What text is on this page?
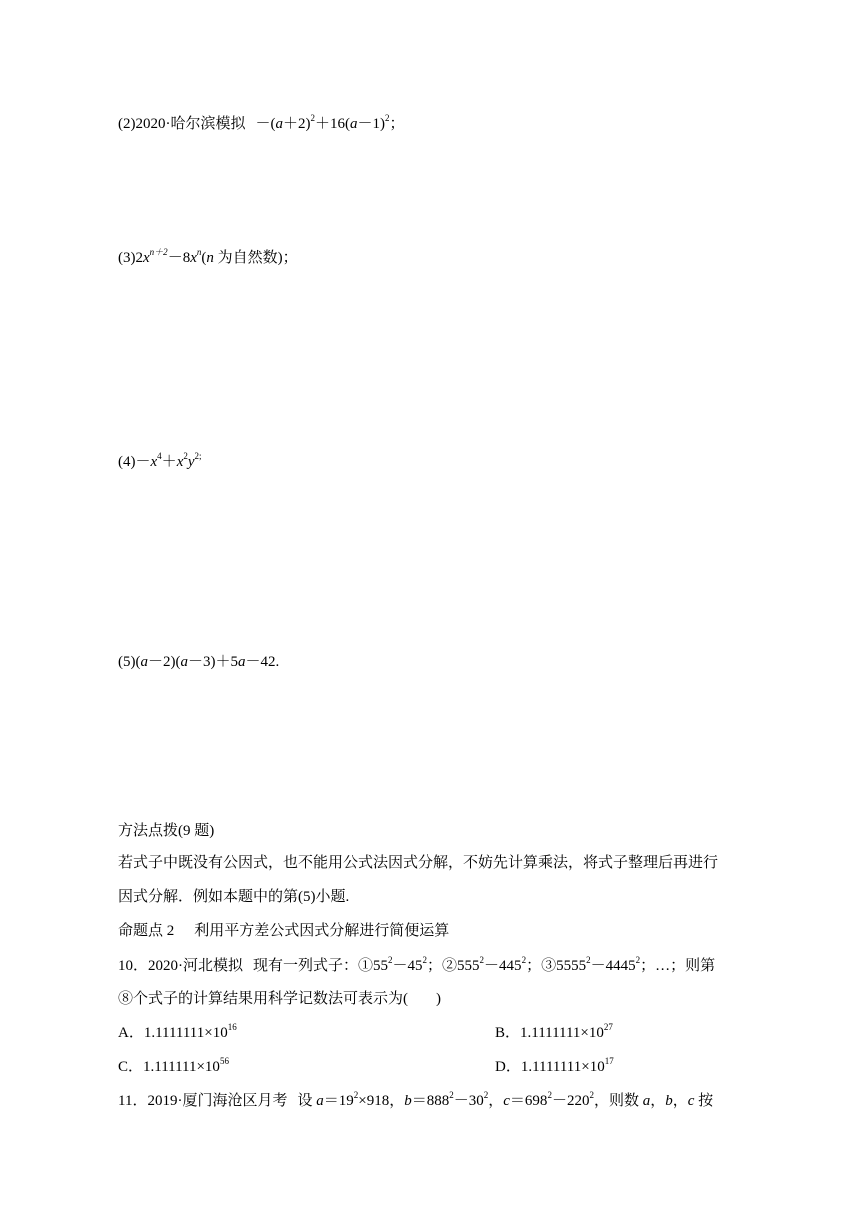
(2)2020·哈尔滨模拟 $-(a+2)^2+16(a-1)^2$；
$(3)2x^{n+2}-8x^n(n$ 为自然数)；
$(4)-x^4+x^2y^{2;}$
(5)(a－2)(a－3)＋5a－42.
方法点拨(9 题)
若式子中既没有公因式，也不能用公式法因式分解，不妨先计算乘法，将式子整理后再进行
因式分解．例如本题中的第(5)小题.
命题点 2 利用平方差公式因式分解进行简便运算
10．2020·河北模拟 现有一列式子：$①55^2-45^2$；$②555^2-445^2$；$③5555^2-4445^2$；…；则第
⑧个式子的计算结果用科学记数法可表示为( )
A．$1.1111111\times 10^{16}$	B．$1.1111111\times 10^{27}$
C．$1.111111\times 10^{56}$	D．$1.1111111\times 10^{17}$
11．2019·厦门海沧区月考 设 $a=19^2\times 918$，$b=888^2-30^2$，$c=698^2-220^2$，则数 a，b，c 按
